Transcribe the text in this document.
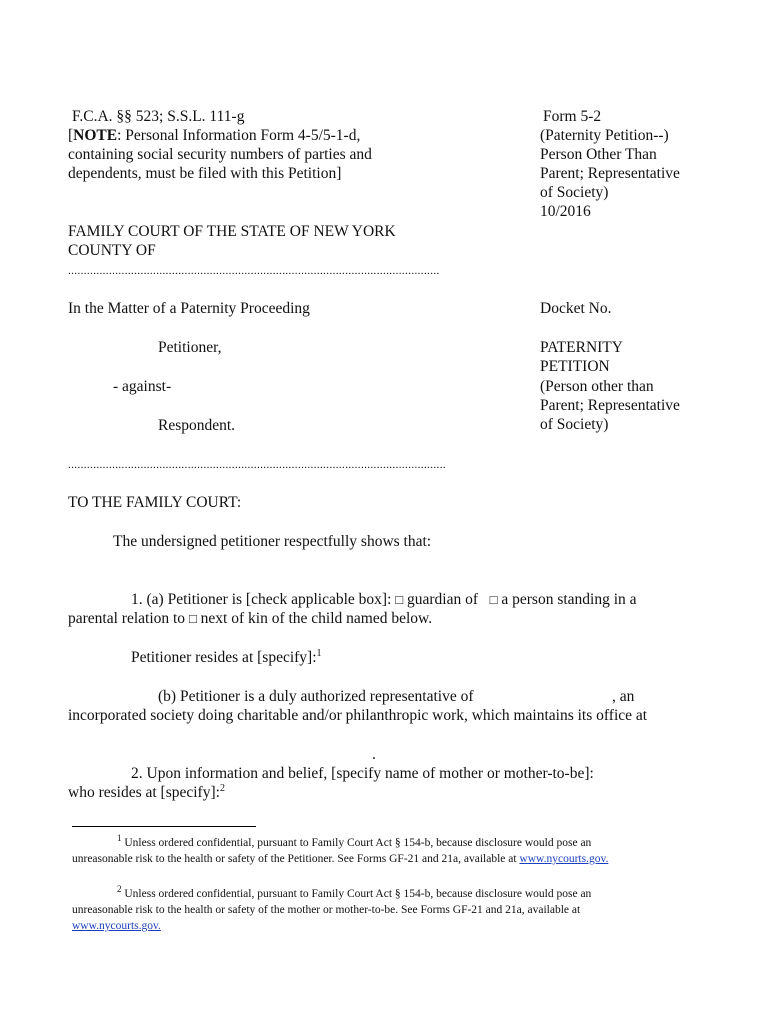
F.C.A. §§ 523; S.S.L. 111-g
[NOTE: Personal Information Form 4-5/5-1-d,
containing social security numbers of parties and
dependents, must be filed with this Petition]
Form 5-2
(Paternity Petition--)
Person Other Than
Parent; Representative
of Society)
10/2016
FAMILY COURT OF THE STATE OF NEW YORK
COUNTY OF
......................................................................................................................
In the Matter of a Paternity Proceeding	Docket No.
Petitioner,
- against-
Respondent.
........................................................................................................................
PATERNITY
PETITION
(Person other than
Parent; Representative
of Society)
TO THE FAMILY COURT:
The undersigned petitioner respectfully shows that:
1. (a) Petitioner is [check applicable box]: □ guardian of □ a person standing in a
parental relation to □ next of kin of the child named below.
Petitioner resides at [specify]:$^1$
(b) Petitioner is a duly authorized representative of	, an
incorporated society doing charitable and/or philanthropic work, which maintains its office at
.
2. Upon information and belief, [specify name of mother or mother-to-be]:
who resides at [specify]:$^2$
$^1$ Unless ordered confidential, pursuant to Family Court Act § 154-b, because disclosure would pose an
unreasonable risk to the health or safety of the Petitioner. See Forms GF-21 and 21a, available at www.nycourts.gov.
$^2$ Unless ordered confidential, pursuant to Family Court Act § 154-b, because disclosure would pose an
unreasonable risk to the health or safety of the mother or mother-to-be. See Forms GF-21 and 21a, available at
www.nycourts.gov.
